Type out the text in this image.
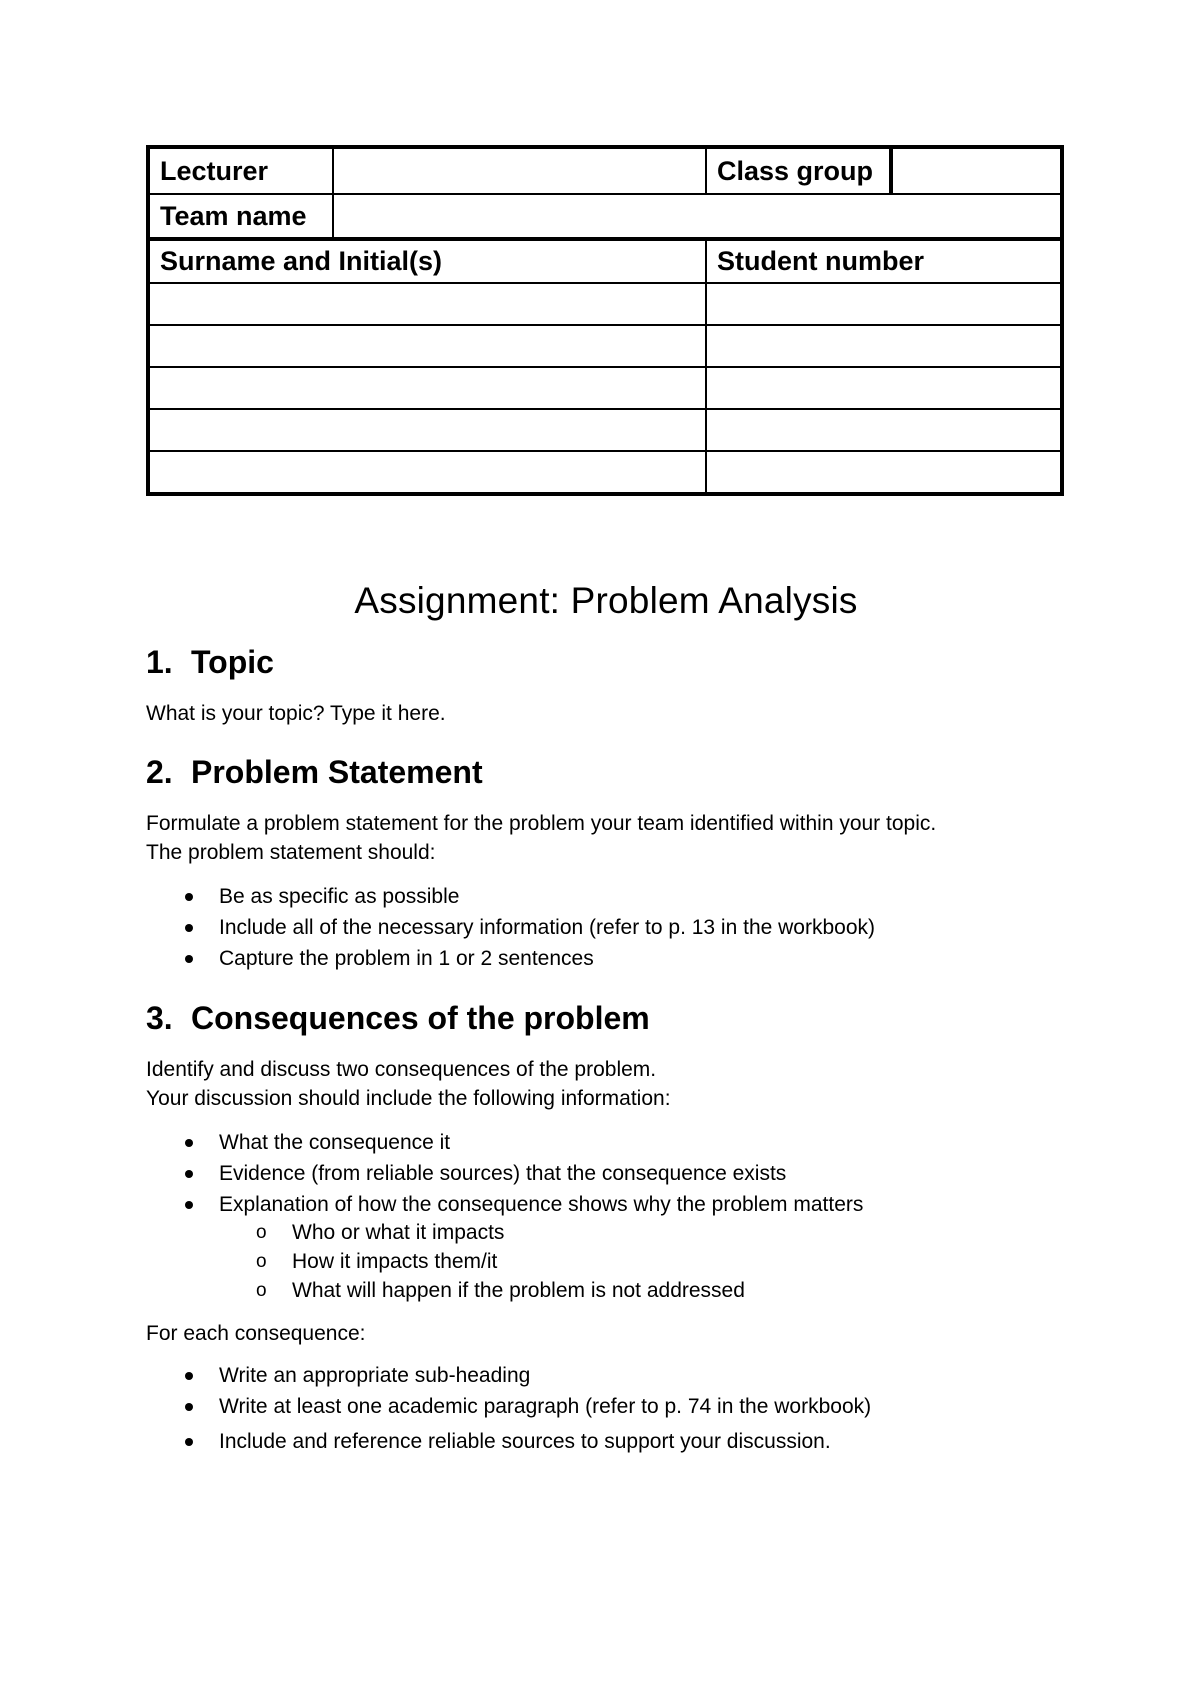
Lecturer		Class group	
Team name			
Surname and Initial(s)		Student number	

Assignment: Problem Analysis
1. Topic

What is your topic? Type it here.

2. Problem Statement

Formulate a problem statement for the problem your team identified within your topic.
The problem statement should:

Be as specific as possible
Include all of the necessary information (refer to p. 13 in the workbook)
Capture the problem in 1 or 2 sentences
3. Consequences of the problem

Identify and discuss two consequences of the problem.
Your discussion should include the following information:

What the consequence it
Evidence (from reliable sources) that the consequence exists
Explanation of how the consequence shows why the problem matters
o Who or what it impacts
o How it impacts them/it
o What will happen if the problem is not addressed

For each consequence:

Write an appropriate sub-heading
Write at least one academic paragraph (refer to p. 74 in the workbook)
Include and reference reliable sources to support your discussion.
